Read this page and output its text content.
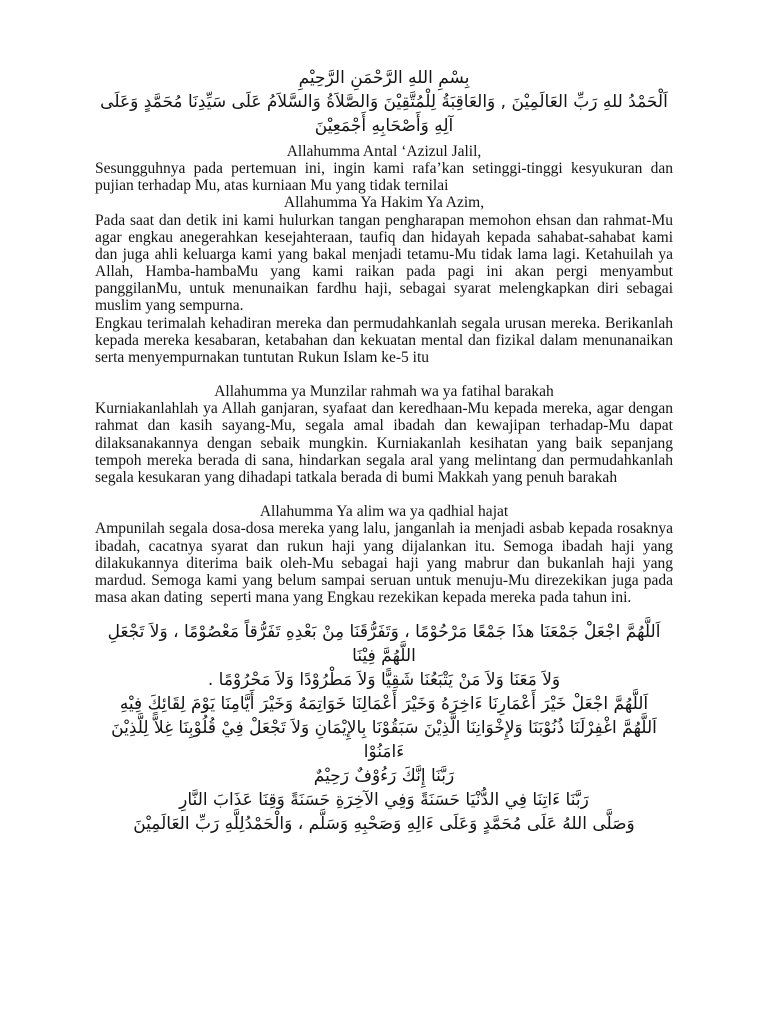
بِسْمِ اللهِ الرَّحْمَنِ الرَّحِيْمِ
اَلْحَمْدُ للهِ رَبِّ العَالَمِيْنَ , وَالعَاقِبَةُ لِلْمُتَّقِيْنَ وَالصَّلاَةُ وَالسَّلاَمُ عَلَى سَيِّدِنَا مُحَمَّدٍ وَعَلَى
آلِهِ وَأَصْحَابِهِ أَجْمَعِيْنَ
Allahumma Antal ‘Azizul Jalil,
Sesungguhnya pada pertemuan ini, ingin kami rafa’kan setinggi-tinggi kesyukuran dan pujian terhadap Mu, atas kurniaan Mu yang tidak ternilai
Allahumma Ya Hakim Ya Azim,
Pada saat dan detik ini kami hulurkan tangan pengharapan memohon ehsan dan rahmat-Mu agar engkau anegerahkan kesejahteraan, taufiq dan hidayah kepada sahabat-sahabat kami dan juga ahli keluarga kami yang bakal menjadi tetamu-Mu tidak lama lagi. Ketahuilah ya Allah, Hamba-hambaMu yang kami raikan pada pagi ini akan pergi menyambut panggilanMu, untuk menunaikan fardhu haji, sebagai syarat melengkapkan diri sebagai muslim yang sempurna.
Engkau terimalah kehadiran mereka dan permudahkanlah segala urusan mereka. Berikanlah kepada mereka kesabaran, ketabahan dan kekuatan mental dan fizikal dalam menunanaikan serta menyempurnakan tuntutan Rukun Islam ke-5 itu
Allahumma ya Munzilar rahmah wa ya fatihal barakah
Kurniakanlahlah ya Allah ganjaran, syafaat dan keredhaan-Mu kepada mereka, agar dengan rahmat dan kasih sayang-Mu, segala amal ibadah dan kewajipan terhadap-Mu dapat dilaksanakannya dengan sebaik mungkin. Kurniakanlah kesihatan yang baik sepanjang tempoh mereka berada di sana, hindarkan segala aral yang melintang dan permudahkanlah segala kesukaran yang dihadapi tatkala berada di bumi Makkah yang penuh barakah
Allahumma Ya alim wa ya qadhial hajat
Ampunilah segala dosa-dosa mereka yang lalu, janganlah ia menjadi asbab kepada rosaknya ibadah, cacatnya syarat dan rukun haji yang dijalankan itu. Semoga ibadah haji yang dilakukannya diterima baik oleh-Mu sebagai haji yang mabrur dan bukanlah haji yang mardud. Semoga kami yang belum sampai seruan untuk menuju-Mu direzekikan juga pada masa akan dating  seperti mana yang Engkau rezekikan kepada mereka pada tahun ini.
اَللَّهُمَّ اجْعَلْ جَمْعَنَا هذَا جَمْعًا مَرْحُوْمًا ، وَتَفَرُّقَنَا مِنْ بَعْدِهِ تَفَرُّقاً مَعْصُوْمًا ، وَلاَ تَجْعَلِ اللَّهُمَّ فِيْنَا
وَلاَ مَعَنَا وَلاَ مَنْ يَتْبَعُنَا شَقِيًّا وَلاَ مَطْرُوْدًا وَلاَ مَحْرُوْمًا .
اَللَّهُمَّ اجْعَلْ خَيْرَ أَعْمَارِنَا ءَاخِرَهُ وَخَيْرَ أَعْمَالِنَا خَوَاتِمَهُ وَخَيْرَ أَيَّامِنَا يَوْمَ لِقَائِكَ فِيْهِ
اَللَّهُمَّ اغْفِرْلَنَا ذُنُوْبَنَا وَلإِخْوَانِنَا الَّذِيْنَ سَبَقُوْنَا بِالإِيْمَانِ وَلاَ تَجْعَلْ فِيْ قُلُوْبِنَا غِلاًّ لِلَّذِيْنَ ءَامَنُوْا
رَبَّنَا إِنَّكَ رَءُوْفٌ رَحِيْمٌ
رَبَّنَا ءَاتِنَا فِي الدُّنْيَا حَسَنَةً وَفِي الآخِرَةِ حَسَنَةً وَقِنَا عَذَابَ النَّارِ
وَصَلَّى اللهُ عَلَى مُحَمَّدٍ وَعَلَى ءَالِهِ وَصَحْبِهِ وَسَلَّم ، وَالْحَمْدُلِلَّهِ رَبِّ العَالَمِيْنَ
